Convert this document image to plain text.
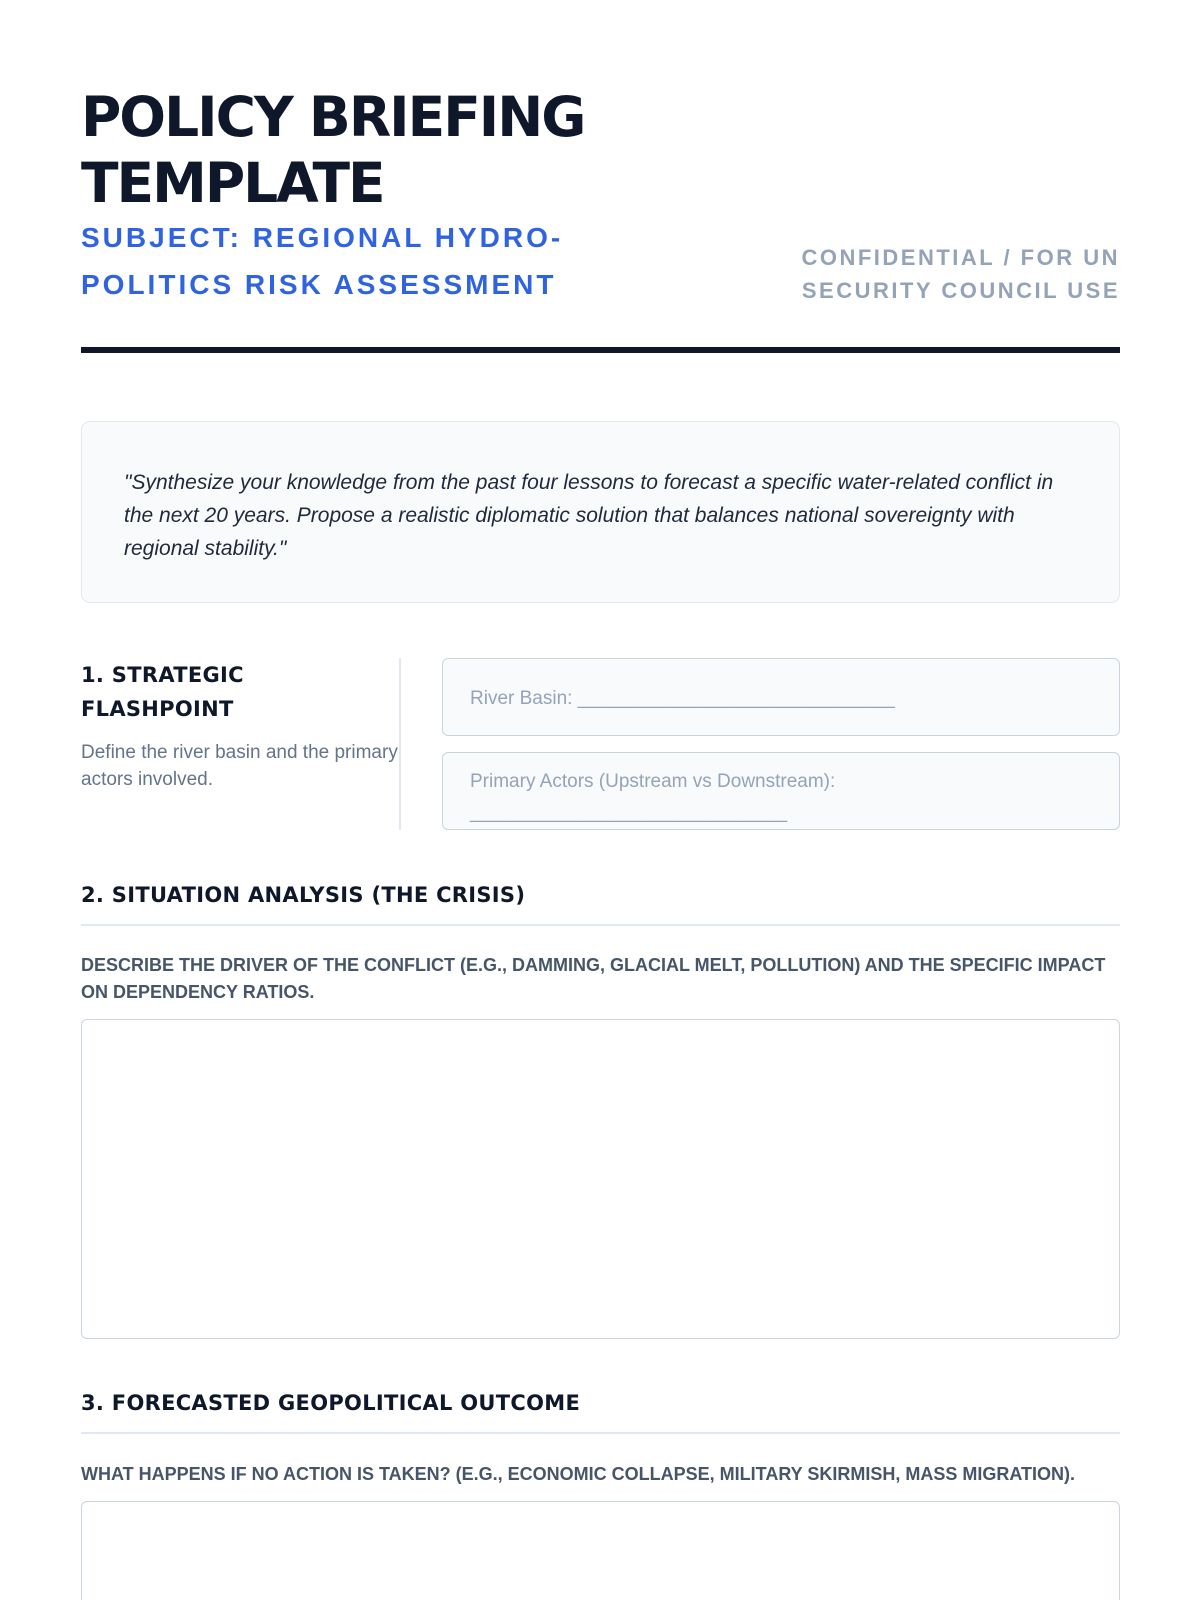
POLICY BRIEFING TEMPLATE
SUBJECT: REGIONAL HYDRO-POLITICS RISK ASSESSMENT
CONFIDENTIAL / FOR UN SECURITY COUNCIL USE

"Synthesize your knowledge from the past four lessons to forecast a specific water-related conflict in the next 20 years. Propose a realistic diplomatic solution that balances national sovereignty with regional stability."

1. STRATEGIC FLASHPOINT

Define the river basin and the primary actors involved.

River Basin: ______________________________
Primary Actors (Upstream vs Downstream): ______________________________
2. SITUATION ANALYSIS (THE CRISIS)

DESCRIBE THE DRIVER OF THE CONFLICT (E.G., DAMMING, GLACIAL MELT, POLLUTION) AND THE SPECIFIC IMPACT ON DEPENDENCY RATIOS.

3. FORECASTED GEOPOLITICAL OUTCOME

WHAT HAPPENS IF NO ACTION IS TAKEN? (E.G., ECONOMIC COLLAPSE, MILITARY SKIRMISH, MASS MIGRATION).
